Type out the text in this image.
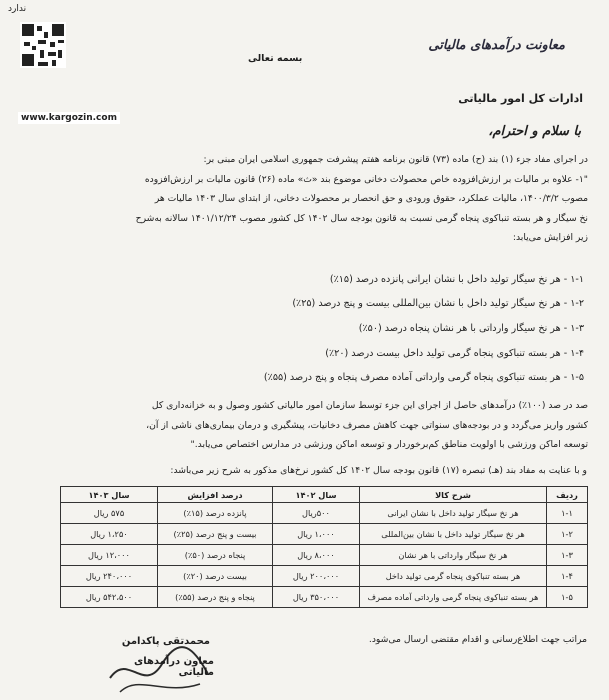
ندارد
بسمه تعالی
معاونت درآمدهای مالیاتی
www.kargozin.com
ادارات کل امور مالیاتی
با سلام و احترام،
در اجرای مفاد جزء (۱) بند (ح) ماده (۷۳) قانون برنامه هفتم پیشرفت جمهوری اسلامی ایران مبنی بر:
"۱- علاوه بر مالیات بر ارزش‌افزوده خاص محصولات دخانی موضوع بند «ث» ماده (۲۶) قانون مالیات بر ارزش‌افزوده
مصوب ۱۴۰۰/۳/۲، مالیات عملکرد، حقوق ورودی و حق انحصار بر محصولات دخانی، از ابتدای سال ۱۴۰۳ مالیات هر
نخ سیگار و هر بسته تنباکوی پنجاه گرمی نسبت به قانون بودجه سال ۱۴۰۲ کل کشور مصوب ۱۴۰۱/۱۲/۲۴ سالانه به‌شرح
زیر افزایش می‌یابد:
۱-۱ - هر نخ سیگار تولید داخل با نشان ایرانی پانزده درصد (۱۵٪)
۱-۲ - هر نخ سیگار تولید داخل با نشان بین‌المللی بیست و پنج درصد (۲۵٪)
۱-۳ - هر نخ سیگار وارداتی با هر نشان پنجاه درصد (۵۰٪)
۱-۴ - هر بسته تنباکوی پنجاه گرمی تولید داخل بیست درصد (۲۰٪)
۱-۵ - هر بسته تنباکوی پنجاه گرمی وارداتی آماده مصرف پنجاه و پنج درصد (۵۵٪)
صد در صد (۱۰۰٪) درآمدهای حاصل از اجرای این جزء توسط سازمان امور مالیاتی کشور وصول و به خزانه‌داری کل
کشور واریز می‌گردد و در بودجه‌های سنواتی جهت کاهش مصرف دخانیات، پیشگیری و درمان بیماری‌های ناشی از آن،
توسعه اماکن ورزشی با اولویت مناطق کم‌برخوردار و توسعه اماکن ورزشی در مدارس اختصاص می‌یابد."
و با عنایت به مفاد بند (هـ) تبصره (۱۷) قانون بودجه سال ۱۴۰۲ کل کشور نرخ‌های مذکور به شرح زیر می‌باشد:
ردیف	شرح کالا	سال ۱۴۰۲	درصد افزایش	سال ۱۴۰۳
۱-۱	هر نخ سیگار تولید داخل با نشان ایرانی	۵۰۰ریال	پانزده درصد (۱۵٪)	۵۷۵ ریال
۱-۲	هر نخ سیگار تولید داخل با نشان بین‌المللی	۱،۰۰۰ ریال	بیست و پنج درصد (۲۵٪)	۱،۲۵۰ ریال
۱-۳	هر نخ سیگار وارداتی با هر نشان	۸،۰۰۰ ریال	پنجاه درصد (۵۰٪)	۱۲،۰۰۰ ریال
۱-۴	هر بسته تنباکوی پنجاه گرمی تولید داخل	۲۰۰،۰۰۰ ریال	بیست درصد (۲۰٪)	۲۴۰،۰۰۰ ریال
۱-۵	هر بسته تنباکوی پنجاه گرمی وارداتی آماده مصرف	۳۵۰،۰۰۰ ریال	پنجاه و پنج درصد (۵۵٪)	۵۴۲،۵۰۰ ریال
مراتب جهت اطلاع‌رسانی و اقدام مقتضی ارسال می‌شود.
محمدتقی پاکدامن
معاون درآمدهای مالیاتی
